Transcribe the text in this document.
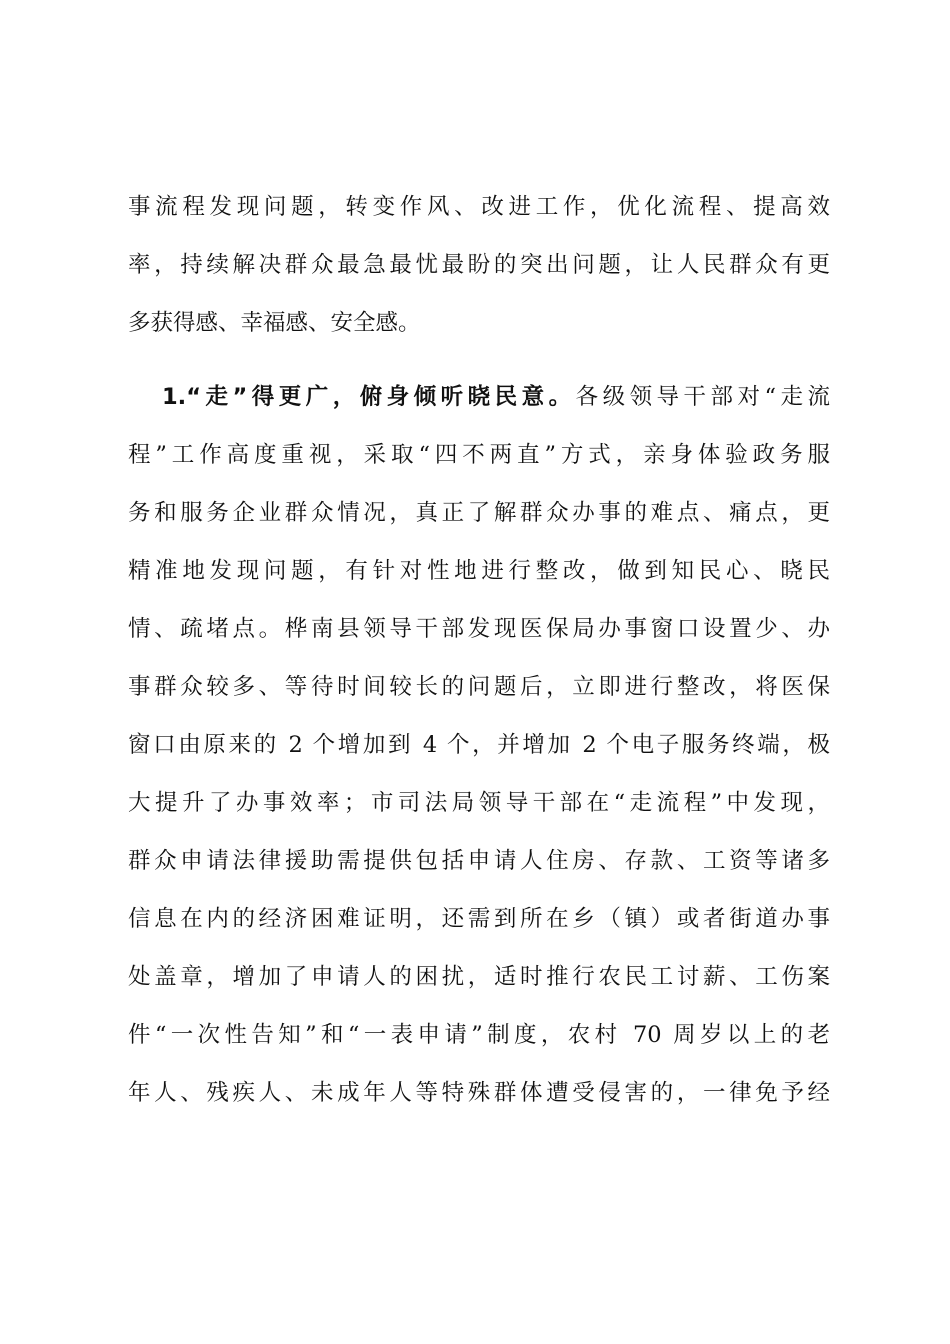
事流程发现问题，转变作风、改进工作，优化流程、提高效
率，持续解决群众最急最忧最盼的突出问题，让人民群众有更
多获得感、幸福感、安全感。
1.“走”得更广，俯身倾听晓民意。各级领导干部对“走流
程”工作高度重视，采取“四不两直”方式，亲身体验政务服
务和服务企业群众情况，真正了解群众办事的难点、痛点，更
精准地发现问题，有针对性地进行整改，做到知民心、晓民
情、疏堵点。桦南县领导干部发现医保局办事窗口设置少、办
事群众较多、等待时间较长的问题后，立即进行整改，将医保
窗口由原来的 2 个增加到 4 个，并增加 2 个电子服务终端，极
大提升了办事效率；市司法局领导干部在“走流程”中发现，
群众申请法律援助需提供包括申请人住房、存款、工资等诸多
信息在内的经济困难证明，还需到所在乡（镇）或者街道办事
处盖章，增加了申请人的困扰，适时推行农民工讨薪、工伤案
件“一次性告知”和“一表申请”制度，农村 70 周岁以上的老
年人、残疾人、未成年人等特殊群体遭受侵害的，一律免予经
